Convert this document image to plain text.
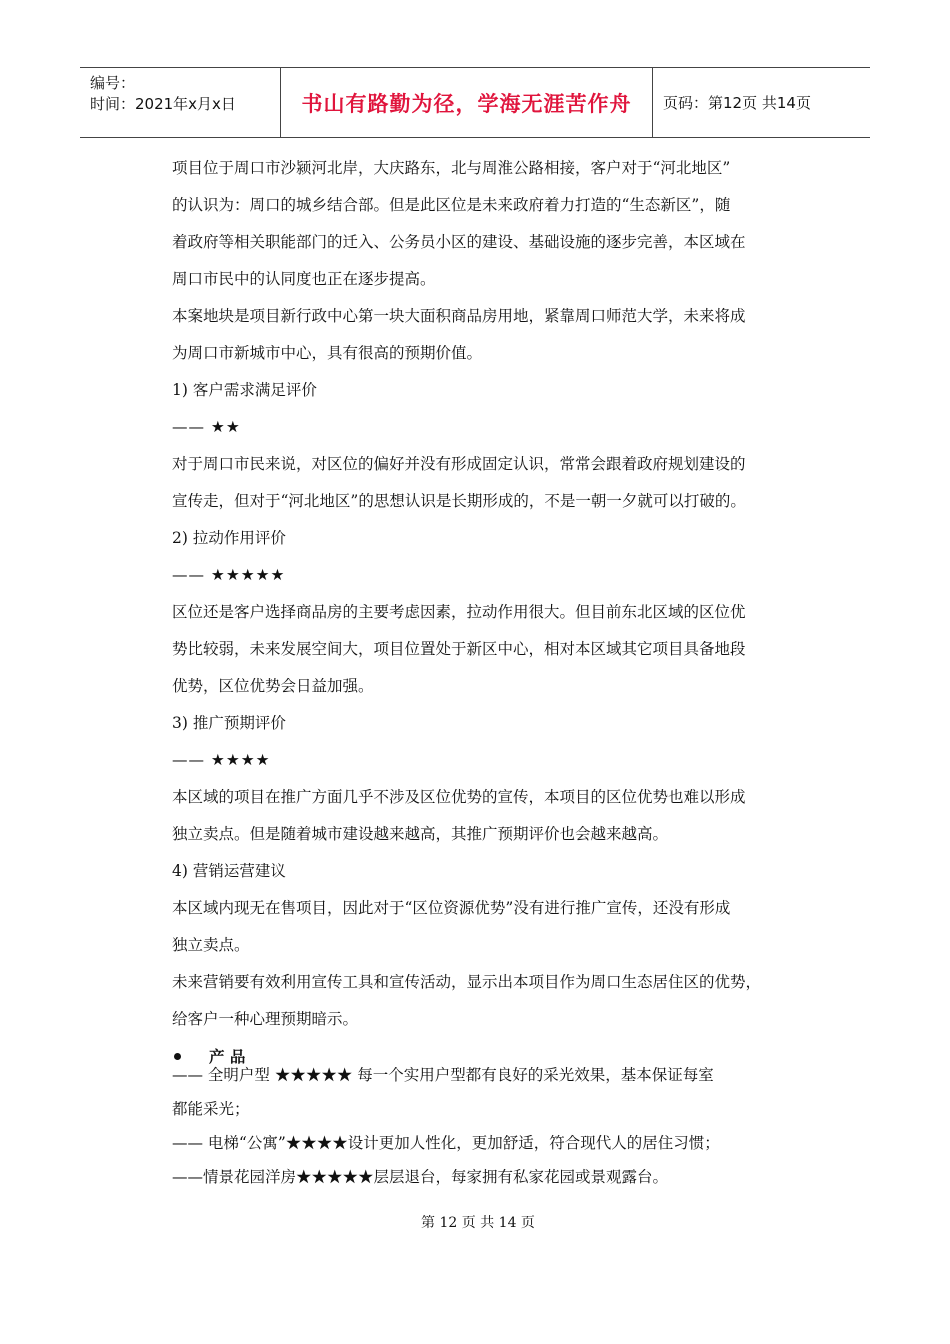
编号：
时间：2021年x月x日	书山有路勤为径，学海无涯苦作舟 页码：第12页 共14页

项目位于周口市沙颍河北岸，大庆路东，北与周淮公路相接，客户对于“河北地区”

的认识为：周口的城乡结合部。但是此区位是未来政府着力打造的“生态新区”，随

着政府等相关职能部门的迁入、公务员小区的建设、基础设施的逐步完善，本区域在

周口市民中的认同度也正在逐步提高。

本案地块是项目新行政中心第一块大面积商品房用地，紧靠周口师范大学，未来将成

为周口市新城市中心，具有很高的预期价值。

1) 客户需求满足评价

—— ★★

对于周口市民来说，对区位的偏好并没有形成固定认识，常常会跟着政府规划建设的

宣传走，但对于“河北地区”的思想认识是长期形成的，不是一朝一夕就可以打破的。

2) 拉动作用评价

—— ★★★★★

区位还是客户选择商品房的主要考虑因素，拉动作用很大。但目前东北区域的区位优

势比较弱，未来发展空间大，项目位置处于新区中心，相对本区域其它项目具备地段

优势，区位优势会日益加强。

3) 推广预期评价

—— ★★★★

本区域的项目在推广方面几乎不涉及区位优势的宣传，本项目的区位优势也难以形成

独立卖点。但是随着城市建设越来越高，其推广预期评价也会越来越高。

4) 营销运营建议

本区域内现无在售项目，因此对于“区位资源优势”没有进行推广宣传，还没有形成

独立卖点。

未来营销要有效利用宣传工具和宣传活动，显示出本项目作为周口生态居住区的优势，

给客户一种心理预期暗示。

产 品

—— 全明户型 ★★★★★ 每一个实用户型都有良好的采光效果，基本保证每室

都能采光；

—— 电梯“公寓”★★★★设计更加人性化，更加舒适，符合现代人的居住习惯；

——情景花园洋房★★★★★层层退台，每家拥有私家花园或景观露台。

第 12 页 共 14 页
